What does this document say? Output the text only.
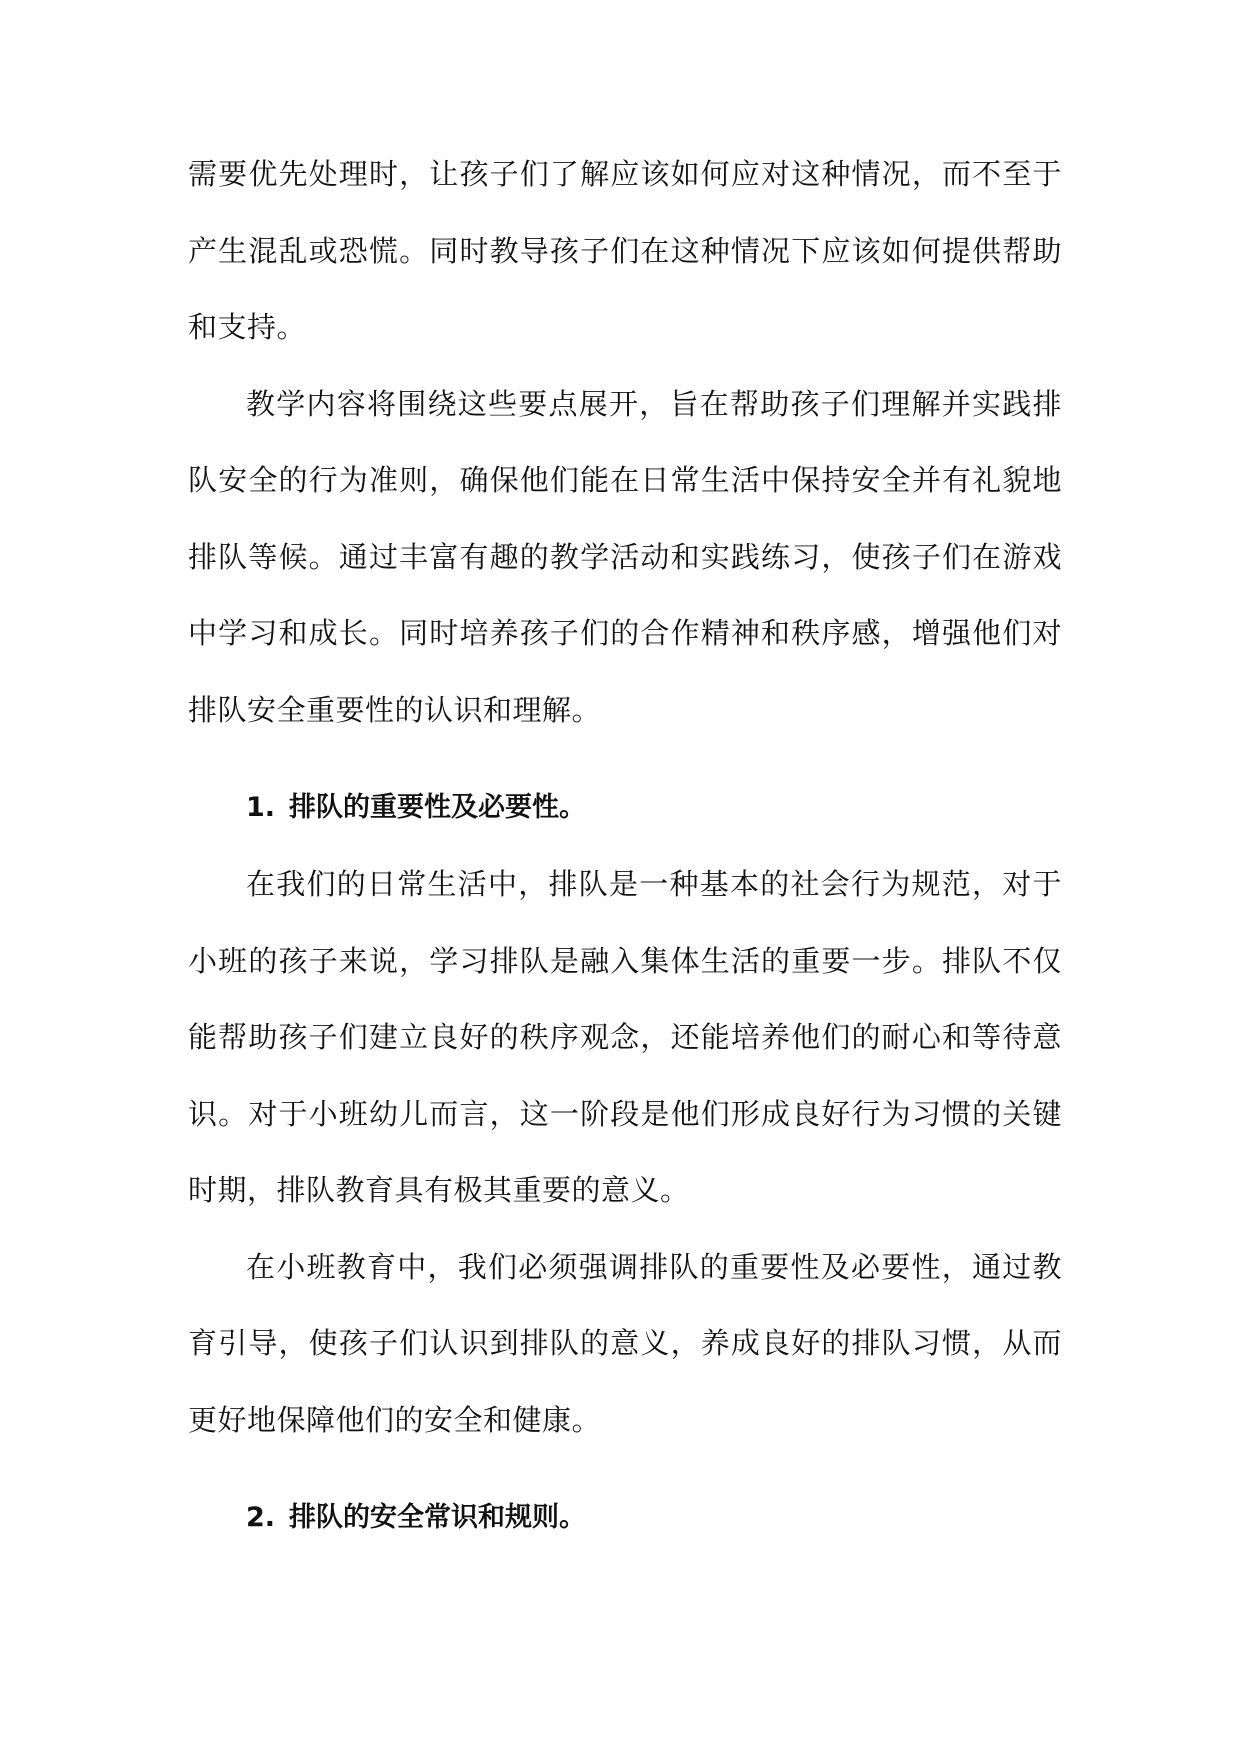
需要优先处理时，让孩子们了解应该如何应对这种情况，而不至于产生混乱或恐慌。同时教导孩子们在这种情况下应该如何提供帮助和支持。

教学内容将围绕这些要点展开，旨在帮助孩子们理解并实践排队安全的行为准则，确保他们能在日常生活中保持安全并有礼貌地排队等候。通过丰富有趣的教学活动和实践练习，使孩子们在游戏中学习和成长。同时培养孩子们的合作精神和秩序感，增强他们对排队安全重要性的认识和理解。

1. 排队的重要性及必要性。

在我们的日常生活中，排队是一种基本的社会行为规范，对于小班的孩子来说，学习排队是融入集体生活的重要一步。排队不仅能帮助孩子们建立良好的秩序观念，还能培养他们的耐心和等待意识。对于小班幼儿而言，这一阶段是他们形成良好行为习惯的关键时期，排队教育具有极其重要的意义。

在小班教育中，我们必须强调排队的重要性及必要性，通过教育引导，使孩子们认识到排队的意义，养成良好的排队习惯，从而更好地保障他们的安全和健康。

2. 排队的安全常识和规则。
